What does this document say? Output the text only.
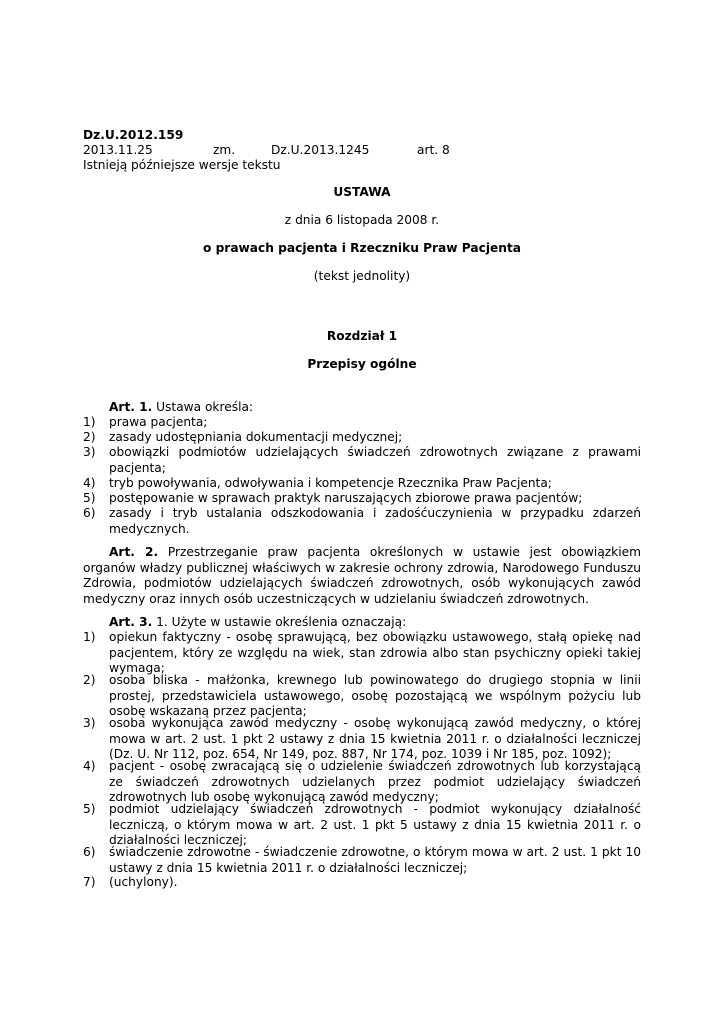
Dz.U.2012.159
2013.11.25	zm.	Dz.U.2013.1245	art. 8
Istnieją późniejsze wersje tekstu
USTAWA
z dnia 6 listopada 2008 r.
o prawach pacjenta i Rzeczniku Praw Pacjenta
(tekst jednolity)
Rozdział 1
Przepisy ogólne
Art. 1. Ustawa określa:
1)	prawa pacjenta;
2)	zasady udostępniania dokumentacji medycznej;
3)	obowiązki podmiotów udzielających świadczeń zdrowotnych związane z prawami pacjenta;
4)	tryb powoływania, odwoływania i kompetencje Rzecznika Praw Pacjenta;
5)	postępowanie w sprawach praktyk naruszających zbiorowe prawa pacjentów;
6)	zasady i tryb ustalania odszkodowania i zadośćuczynienia w przypadku zdarzeń medycznych.
Art. 2. Przestrzeganie praw pacjenta określonych w ustawie jest obowiązkiem organów władzy publicznej właściwych w zakresie ochrony zdrowia, Narodowego Funduszu Zdrowia, podmiotów udzielających świadczeń zdrowotnych, osób wykonujących zawód medyczny oraz innych osób uczestniczących w udzielaniu świadczeń zdrowotnych.
Art. 3. 1. Użyte w ustawie określenia oznaczają:
1)	opiekun faktyczny - osobę sprawującą, bez obowiązku ustawowego, stałą opiekę nad pacjentem, który ze względu na wiek, stan zdrowia albo stan psychiczny opieki takiej wymaga;
2)	osoba bliska - małżonka, krewnego lub powinowatego do drugiego stopnia w linii prostej, przedstawiciela ustawowego, osobę pozostającą we wspólnym pożyciu lub osobę wskazaną przez pacjenta;
3)	osoba wykonująca zawód medyczny - osobę wykonującą zawód medyczny, o której mowa w art. 2 ust. 1 pkt 2 ustawy z dnia 15 kwietnia 2011 r. o działalności leczniczej (Dz. U. Nr 112, poz. 654, Nr 149, poz. 887, Nr 174, poz. 1039 i Nr 185, poz. 1092);
4)	pacjent - osobę zwracającą się o udzielenie świadczeń zdrowotnych lub korzystającą ze świadczeń zdrowotnych udzielanych przez podmiot udzielający świadczeń zdrowotnych lub osobę wykonującą zawód medyczny;
5)	podmiot udzielający świadczeń zdrowotnych - podmiot wykonujący działalność leczniczą, o którym mowa w art. 2 ust. 1 pkt 5 ustawy z dnia 15 kwietnia 2011 r. o działalności leczniczej;
6)	świadczenie zdrowotne - świadczenie zdrowotne, o którym mowa w art. 2 ust. 1 pkt 10 ustawy z dnia 15 kwietnia 2011 r. o działalności leczniczej;
7)	(uchylony).
